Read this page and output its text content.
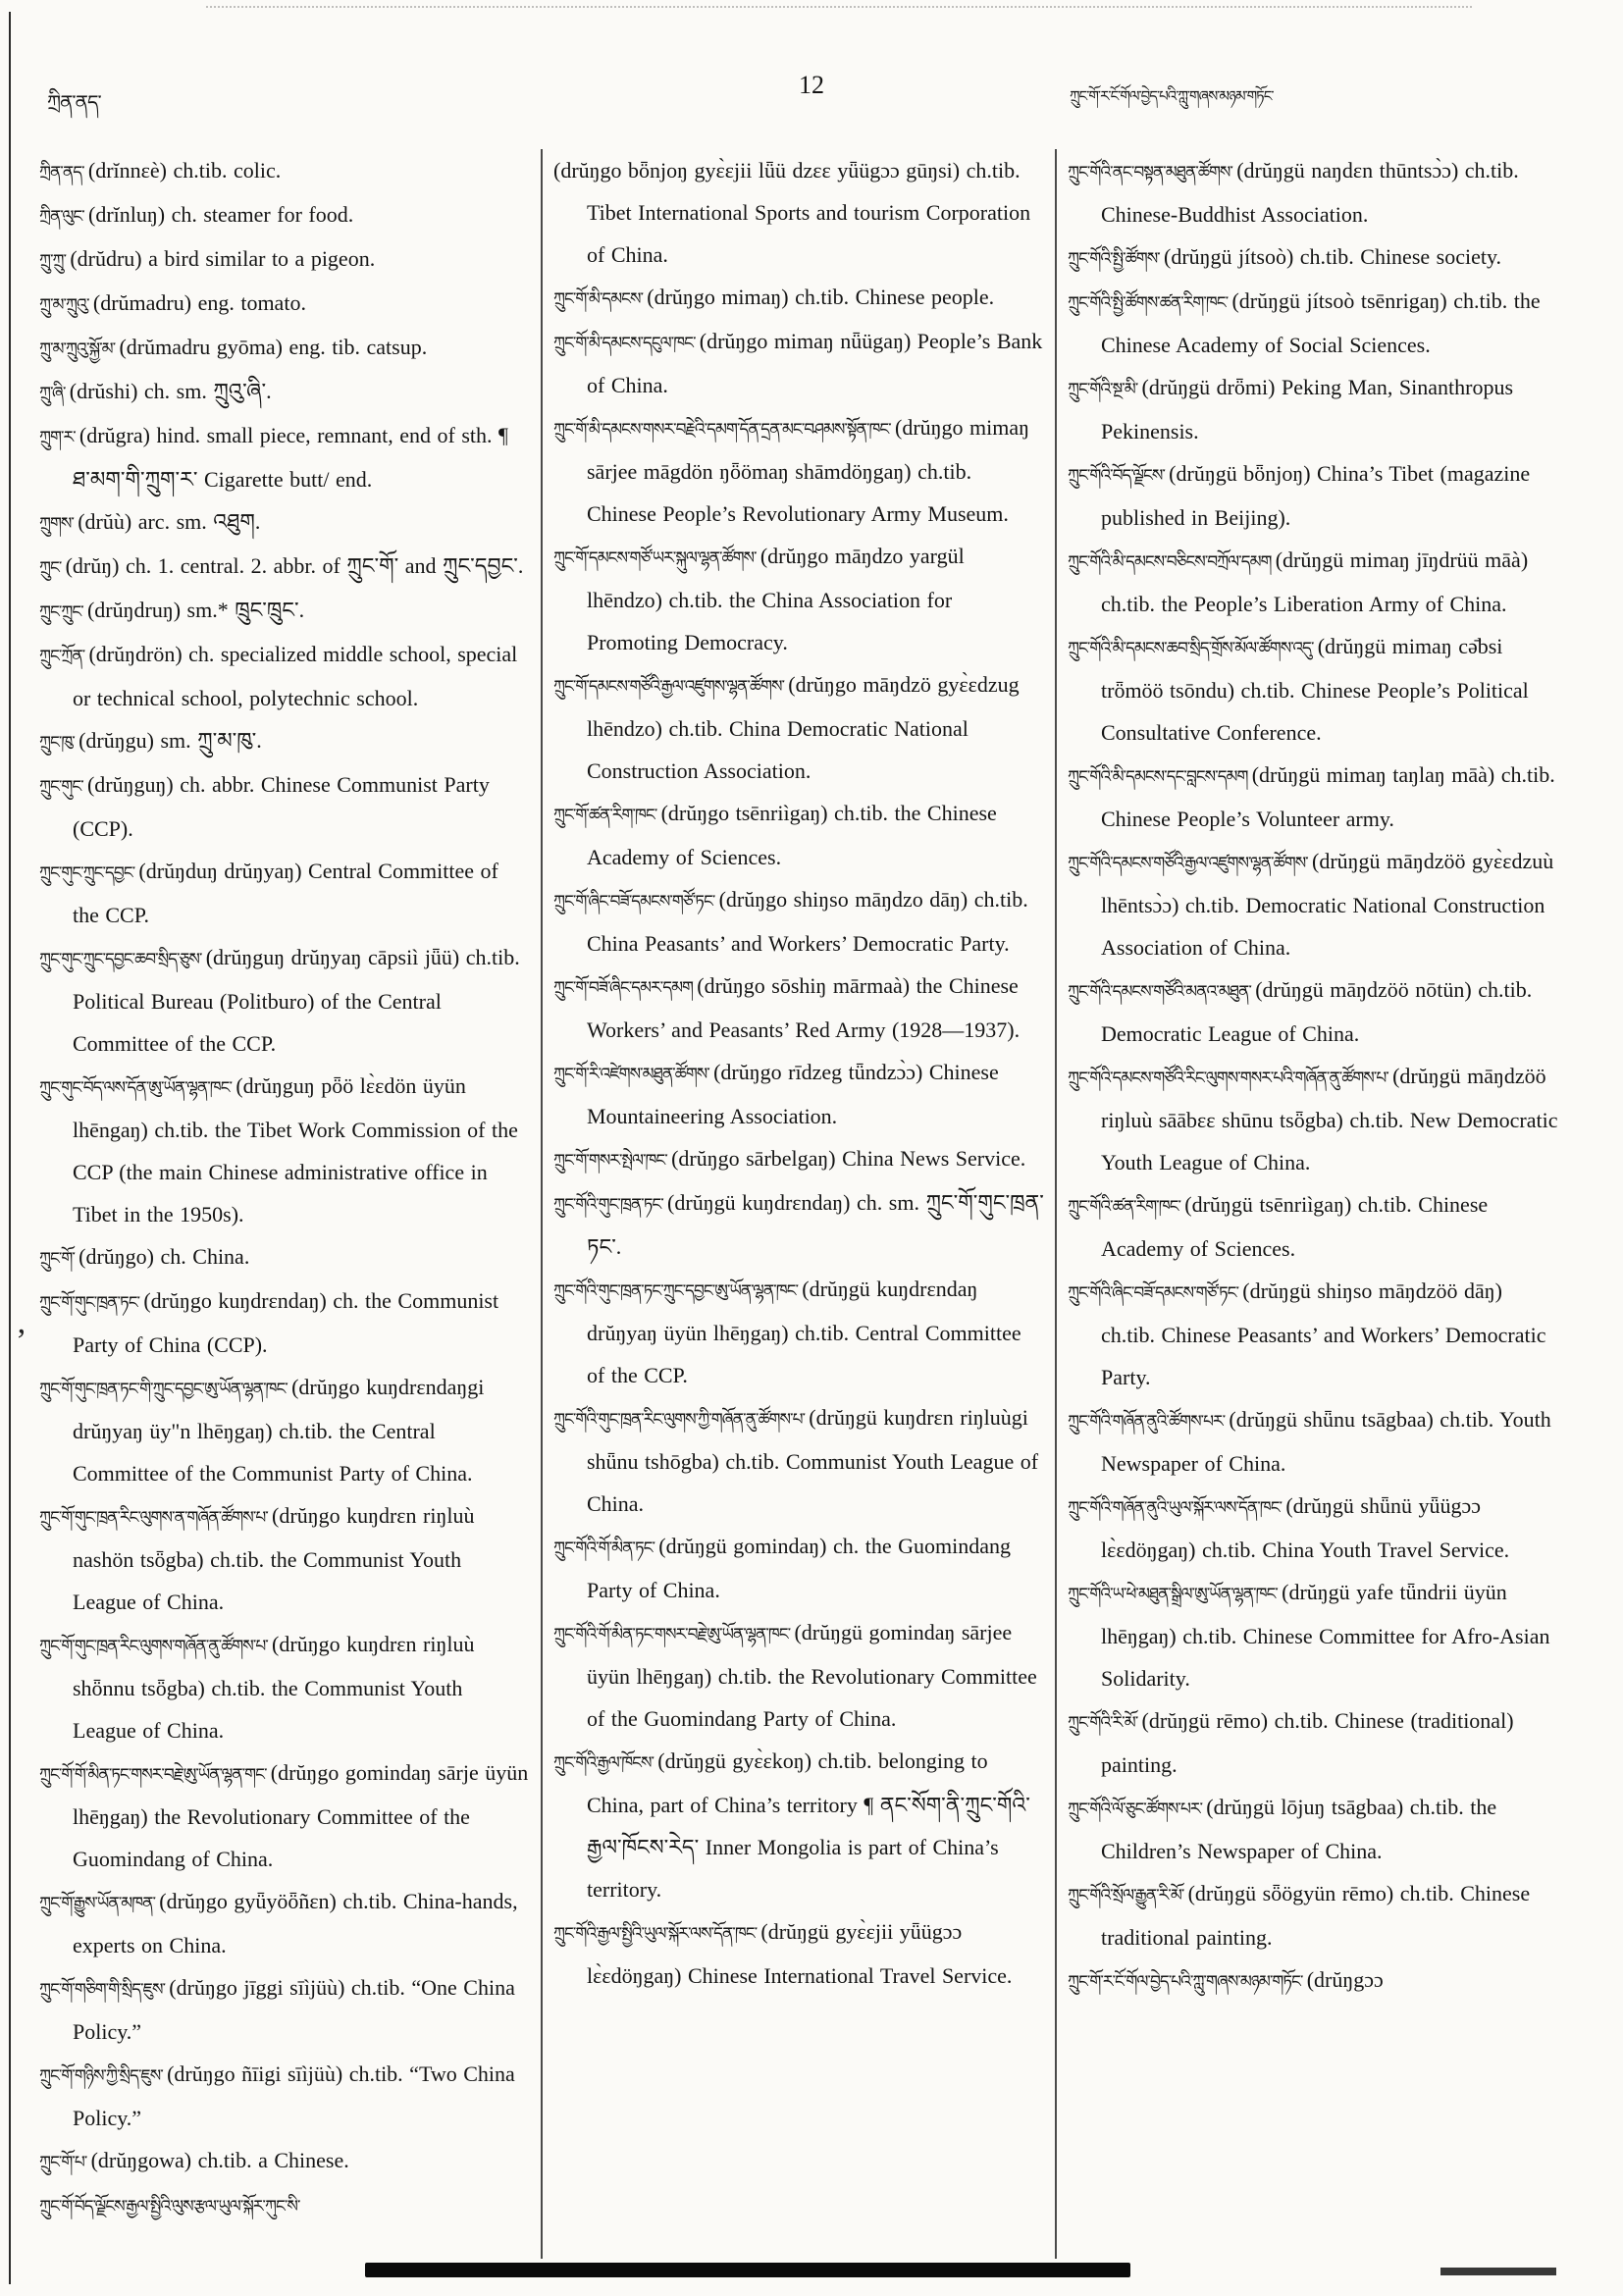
’
ཀྲིན་ནད་
12	ཀྲུང་གོ་ར་ངོ་གོལ་བྱེད་པའི་ཀླུ་གཞས་མཉམ་གཏོང་

ཀྲིན་ནད་ (drĭnnɛè) ch.tib. colic.

ཀྲིན་ལུང་ (drĭnluŋ) ch. steamer for food.

ཀྲུ་ཀྲུ་ (drŭdru) a bird similar to a pigeon.

ཀྲུ་མ་ཀྲུའུ་ (drŭmadru) eng. tomato.

ཀྲུ་མ་ཀྲུའུ་སྐྱོ་མ་ (drŭmadru gyōma) eng. tib. catsup.

ཀྲུ་ཞི་ (drŭshi) ch. sm. ཀྲུའུ་ཞི་.

ཀྲུག་ར་ (drŭgra) hind. small piece, remnant, end of sth. ¶ ཐ་མག་གི་ཀྲུག་ར་ Cigarette butt/ end.

ཀྲུགས་ (drŭù) arc. sm. འཐུག.

ཀྲུང་ (drŭŋ) ch. 1. central. 2. abbr. of ཀྲུང་གོ་ and ཀྲུང་དབྱང་.

ཀྲུང་ཀྲུང་ (drŭŋdruŋ) sm.* ཁྲུང་ཁྲུང་.

ཀྲུང་ཀྲོན་ (drŭŋdrön) ch. specialized middle school, special or technical school, polytechnic school.

ཀྲུང་ཁུ་ (drŭŋgu) sm. ཀྲུ་མ་ཁུ་.

ཀྲུང་གུང་ (drŭŋguŋ) ch. abbr. Chinese Communist Party (CCP).

ཀྲུང་གུང་ཀྲུང་དབྱང་ (drŭŋduŋ drŭŋyaŋ) Central Committee of the CCP.

ཀྲུང་གུང་ཀྲུང་དབྱང་ཆབ་སྲིད་ཅུས་ (drŭŋguŋ drŭŋyaŋ cāpsiì jǖü) ch.tib. Political Bureau (Politburo) of the Central Committee of the CCP.

ཀྲུང་གུང་བོད་ལས་དོན་ཨུ་ཡོན་ལྷན་ཁང་ (drŭŋguŋ pȫö lɛ̀ɛdön üyün lhēngaŋ) ch.tib. the Tibet Work Commission of the CCP (the main Chinese administrative office in Tibet in the 1950s).

ཀྲུང་གོ་ (drŭŋgo) ch. China.

ཀྲུང་གོ་གུང་ཁྲན་ཏང་ (drŭŋgo kuŋdrɛndaŋ) ch. the Communist Party of China (CCP).

ཀྲུང་གོ་གུང་ཁྲན་ཏང་གི་ཀྲུང་དབྱང་ཨུ་ཡོན་ལྷན་ཁང་ (drŭŋgo kuŋdrɛndaŋgi drŭŋyaŋ üy"n lhēŋgaŋ) ch.tib. the Central Committee of the Communist Party of China.

ཀྲུང་གོ་གུང་ཁྲན་རིང་ལུགས་ན་གཞོན་ཚོགས་པ་ (drŭŋgo kuŋdrɛn riŋluù nashön tsȫgba) ch.tib. the Communist Youth League of China.

ཀྲུང་གོ་གུང་ཁྲན་རིང་ལུགས་གཞོན་ནུ་ཚོགས་པ་ (drŭŋgo kuŋdrɛn riŋluù shȫnnu tsȫgba) ch.tib. the Communist Youth League of China.

ཀྲུང་གོ་གོ་མིན་ཏང་གསར་བརྗེ་ཨུ་ཡོན་ལྷན་གང་ (drŭŋgo gomindaŋ sārje üyün lhēŋgaŋ) the Revolutionary Committee of the Guomindang of China.

ཀྲུང་གོ་རྒྱུས་ཡོན་མཁན་ (drŭŋgo gyǖyöȫñɛn) ch.tib. China-hands, experts on China.

ཀྲུང་གོ་གཅིག་གི་སྲིད་ཇུས་ (drŭŋgo jīggi sīìjüù) ch.tib. “One China Policy.”

ཀྲུང་གོ་གཉིས་ཀྱི་སྲིད་ཇུས་ (drŭŋgo ñīigi sīìjüù) ch.tib. “Two China Policy.”

ཀྲུང་གོ་པ་ (drŭŋgowa) ch.tib. a Chinese.

ཀྲུང་གོ་བོད་ལྗོངས་རྒྱལ་སྤྱིའི་ལུས་རྩལ་ཡུལ་སྐོར་ཀུང་སི་

(drŭŋgo bȫnjoŋ gyɛ̀ɛjii lǖü dzɛɛ yǖügɔɔ gūŋsi) ch.tib. Tibet International Sports and tourism Corporation of China.

ཀྲུང་གོ་མི་དམངས་ (drŭŋgo mimaŋ) ch.tib. Chinese people.

ཀྲུང་གོ་མི་དམངས་དངུལ་ཁང་ (drŭŋgo mimaŋ nǖügaŋ) People’s Bank of China.

ཀྲུང་གོ་མི་དམངས་གསར་བརྗེའི་དམག་དོན་དྲན་མང་བཤམས་སྟོན་ཁང་ (drŭŋgo mimaŋ sārjee māgdön ŋȫömaŋ shāmdöŋgaŋ) ch.tib. Chinese People’s Revolutionary Army Museum.

ཀྲུང་གོ་དམངས་གཙོ་ཡར་སྐུལ་ལྷན་ཚོགས་ (drŭŋgo māŋdzo yargül lhēndzo) ch.tib. the China Association for Promoting Democracy.

ཀྲུང་གོ་དམངས་གཙོའི་རྒྱལ་འཛུགས་ལྷན་ཚོགས་ (drŭŋgo māŋdzö gyɛ̀ɛdzug lhēndzo) ch.tib. China Democratic National Construction Association.

ཀྲུང་གོ་ཚན་རིག་ཁང་ (drŭŋgo tsēnriìgaŋ) ch.tib. the Chinese Academy of Sciences.

ཀྲུང་གོ་ཞིང་བཟོ་དམངས་གཙོ་ཏང་ (drŭŋgo shiŋso māŋdzo dāŋ) ch.tib. China Peasants’ and Workers’ Democratic Party.

ཀྲུང་གོ་བཟོ་ཞིང་དམར་དམག (drŭŋgo sōshiŋ mārmaà) the Chinese Workers’ and Peasants’ Red Army (1928—1937).

ཀྲུང་གོ་རི་འཛེགས་མཐུན་ཚོགས་ (drŭŋgo rīdzeg tǖndzɔ̀ɔ) Chinese Mountaineering Association.

ཀྲུང་གོ་གསར་སྤེལ་ཁང་ (drŭŋgo sārbelgaŋ) China News Service.

ཀྲུང་གོའི་གུང་ཁྲན་ཏང་ (drŭŋgü kuŋdrɛndaŋ) ch. sm. ཀྲུང་གོ་གུང་ཁྲན་ཏང་.

ཀྲུང་གོའི་གུང་ཁྲན་ཏང་ཀྲུང་དབྱང་ཨུ་ཡོན་ལྷན་ཁང་ (drŭŋgü kuŋdrɛndaŋ drŭŋyaŋ üyün lhēŋgaŋ) ch.tib. Central Committee of the CCP.

ཀྲུང་གོའི་གུང་ཁྲན་རིང་ལུགས་ཀྱི་གཞོན་ནུ་ཚོགས་པ་ (drŭŋgü kuŋdrɛn riŋluùgi shǖnu tshōgba) ch.tib. Communist Youth League of China.

ཀྲུང་གོའི་གོ་མིན་ཏང་ (drŭŋgü gomindaŋ) ch. the Guomindang Party of China.

ཀྲུང་གོའི་གོ་མིན་ཏང་གསར་བརྗེ་ཨུ་ཡོན་ལྷན་ཁང་ (drŭŋgü gomindaŋ sārjee üyün lhēŋgaŋ) ch.tib. the Revolutionary Committee of the Guomindang Party of China.

ཀྲུང་གོའི་རྒྱལ་ཁོངས་ (drŭŋgü gyɛ̀ɛkoŋ) ch.tib. belonging to China, part of China’s territory ¶ ནང་སོག་ནི་ཀྲུང་གོའི་རྒྱལ་ཁོངས་རེད་ Inner Mongolia is part of China’s territory.

ཀྲུང་གོའི་རྒྱལ་སྤྱིའི་ཡུལ་སྐོར་ལས་དོན་ཁང་ (drŭŋgü gyɛ̀ɛjii yǖügɔɔ lɛ̀ɛdöŋgaŋ) Chinese International Travel Service.

ཀྲུང་གོའི་ནང་བསྟན་མཐུན་ཚོགས་ (drŭŋgü naŋdɛn thūntsɔ̀ɔ) ch.tib. Chinese-Buddhist Association.

ཀྲུང་གོའི་སྤྱི་ཚོགས་ (drŭŋgü jítsoò) ch.tib. Chinese society.

ཀྲུང་གོའི་སྤྱི་ཚོགས་ཚན་རིག་ཁང་ (drŭŋgü jítsoò tsēnrigaŋ) ch.tib. the Chinese Academy of Social Sciences.

ཀྲུང་གོའི་སྔ་མི་ (drŭŋgü drȫmi) Peking Man, Sinanthropus Pekinensis.

ཀྲུང་གོའི་བོད་ལྗོངས་ (drŭŋgü bȫnjoŋ) China’s Tibet (magazine published in Beijing).

ཀྲུང་གོའི་མི་དམངས་བཅིངས་བཀྲོལ་དམག (drŭŋgü mimaŋ jīŋdrüü māà) ch.tib. the People’s Liberation Army of China.

ཀྲུང་གོའི་མི་དམངས་ཆབ་སྲིད་གྲོས་མོལ་ཚོགས་འདུ་ (drŭŋgü mimaŋ cə̄bsi trȫmöö tsōndu) ch.tib. Chinese People’s Political Consultative Conference.

ཀྲུང་གོའི་མི་དམངས་དང་བླངས་དམག (drŭŋgü mimaŋ taŋlaŋ māà) ch.tib. Chinese People’s Volunteer army.

ཀྲུང་གོའི་དམངས་གཙོའི་རྒྱལ་འཛུགས་ལྷན་ཚོགས་ (drŭŋgü māŋdzöö gyɛ̀ɛdzuù lhēntsɔ̀ɔ) ch.tib. Democratic National Construction Association of China.

ཀྲུང་གོའི་དམངས་གཙོའི་མནའ་མཐུན་ (drŭŋgü māŋdzöö nōtün) ch.tib. Democratic League of China.

ཀྲུང་གོའི་དམངས་གཙོའི་རིང་ལུགས་གསར་པའི་གཞོན་ནུ་ཚོགས་པ་ (drŭŋgü māŋdzöö riŋluù sāābɛɛ shūnu tsȫgba) ch.tib. New Democratic Youth League of China.

ཀྲུང་གོའི་ཚན་རིག་ཁང་ (drŭŋgü tsēnriìgaŋ) ch.tib. Chinese Academy of Sciences.

ཀྲུང་གོའི་ཞིང་བཟོ་དམངས་གཙོ་ཏང་ (drŭŋgü shiŋso māŋdzöö dāŋ) ch.tib. Chinese Peasants’ and Workers’ Democratic Party.

ཀྲུང་གོའི་གཞོན་ནུའི་ཚོགས་པར་ (drŭŋgü shǖnu tsāgbaa) ch.tib. Youth Newspaper of China.

ཀྲུང་གོའི་གཞོན་ནུའི་ཡུལ་སྐོར་ལས་དོན་ཁང་ (drŭŋgü shǖnü yǖügɔɔ lɛ̀ɛdöŋgaŋ) ch.tib. China Youth Travel Service.

ཀྲུང་གོའི་ཡ་ཕེ་མཐུན་སྒྲིལ་ཨུ་ཡོན་ལྷན་ཁང་ (drŭŋgü yafe tǖndrii üyün lhēŋgaŋ) ch.tib. Chinese Committee for Afro-Asian Solidarity.

ཀྲུང་གོའི་རི་མོ་ (drŭŋgü rēmo) ch.tib. Chinese (traditional) painting.

ཀྲུང་གོའི་ལོ་ཅུང་ཚོགས་པར་ (drŭŋgü lōjuŋ tsāgbaa) ch.tib. the Children’s Newspaper of China.

ཀྲུང་གོའི་སྲོལ་རྒྱུན་རི་མོ་ (drŭŋgü sȫögyün rēmo) ch.tib. Chinese traditional painting.

ཀྲུང་གོ་ར་ངོ་གོལ་བྱེད་པའི་ཀླུ་གཞས་མཉམ་གཏོང་ (drŭŋgɔɔ
